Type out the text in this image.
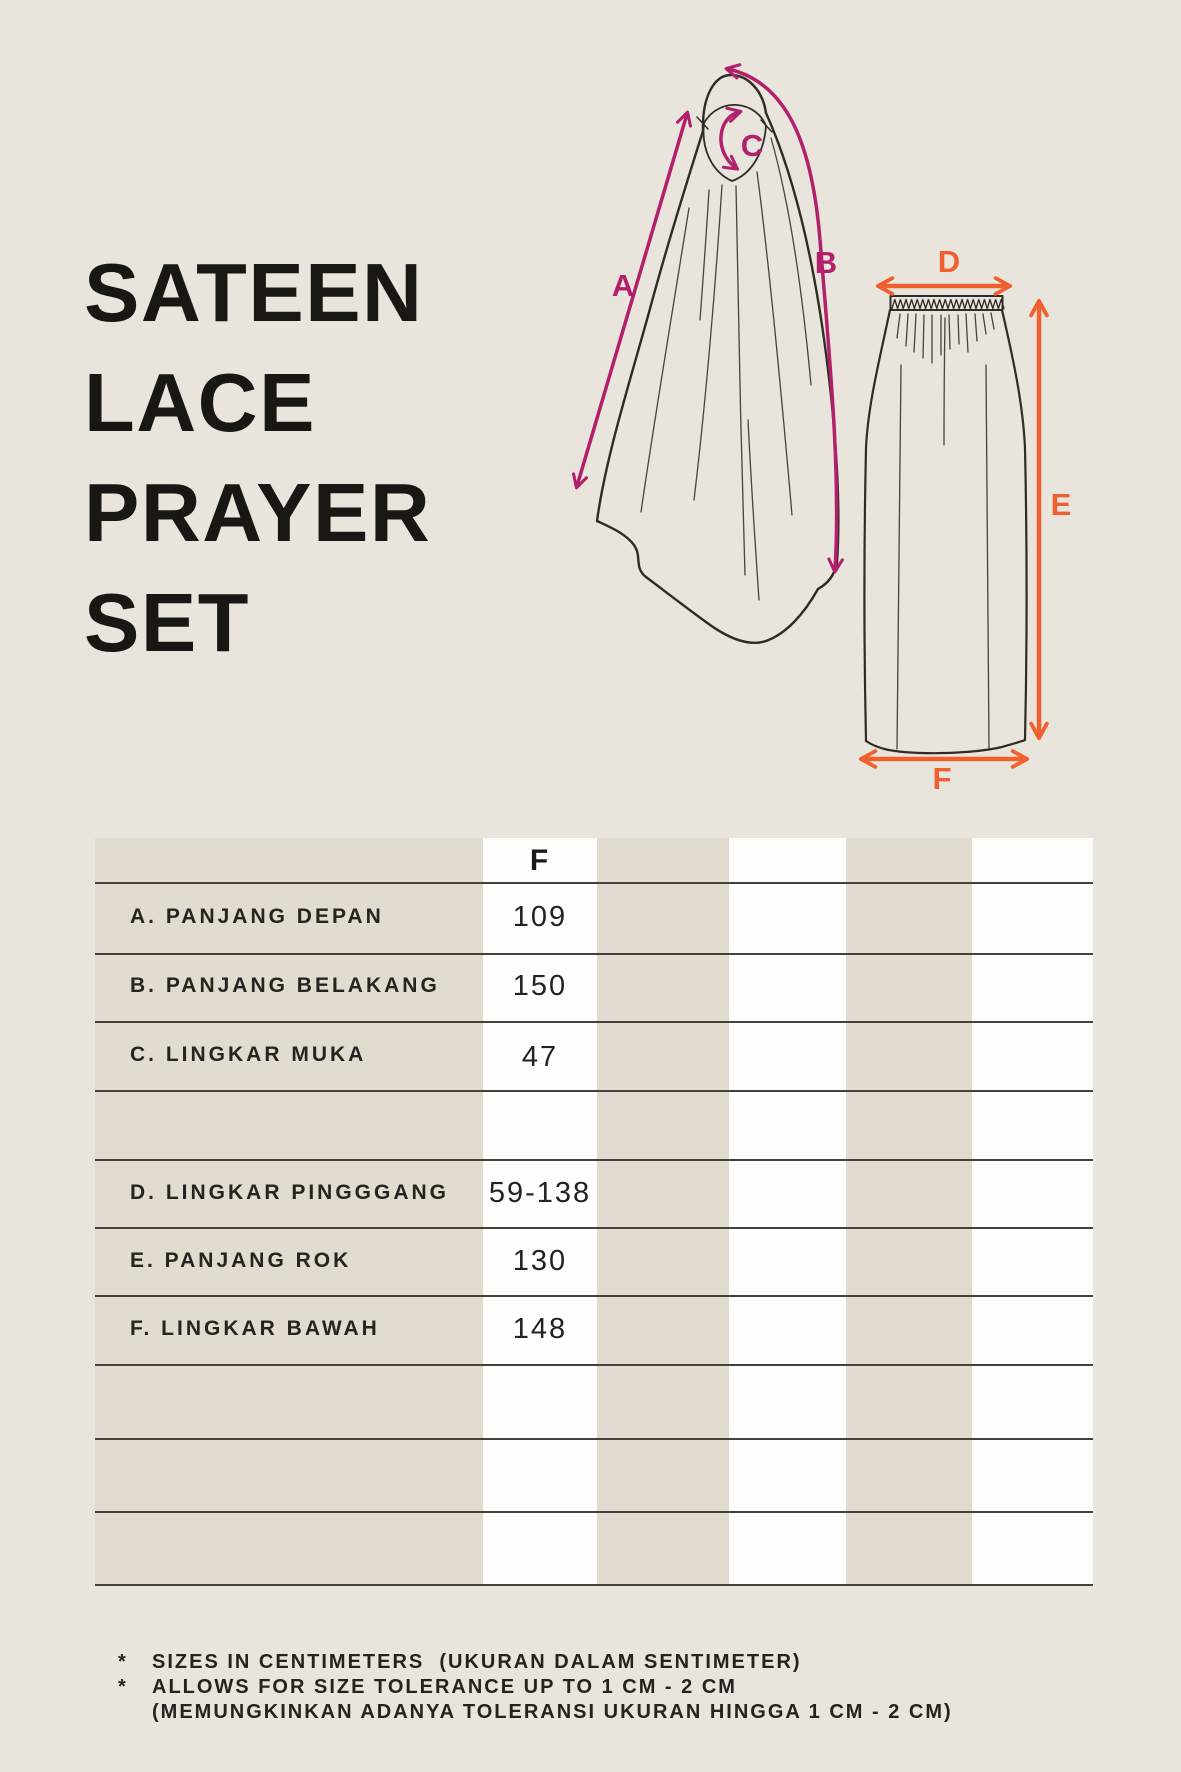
SATEEN
LACE
PRAYER
SET
A
B
C
D
E
F
F
A. PANJANG DEPAN	109
B. PANJANG BELAKANG	150
C. LINGKAR MUKA	47
D. LINGKAR PINGGGANG 59-138
E. PANJANG ROK	130
F. LINGKAR BAWAH	148
*	SIZES IN CENTIMETERS  (UKURAN DALAM SENTIMETER)
*	ALLOWS FOR SIZE TOLERANCE UP TO 1 CM - 2 CM

(MEMUNGKINKAN ADANYA TOLERANSI UKURAN HINGGA 1 CM - 2 CM)
